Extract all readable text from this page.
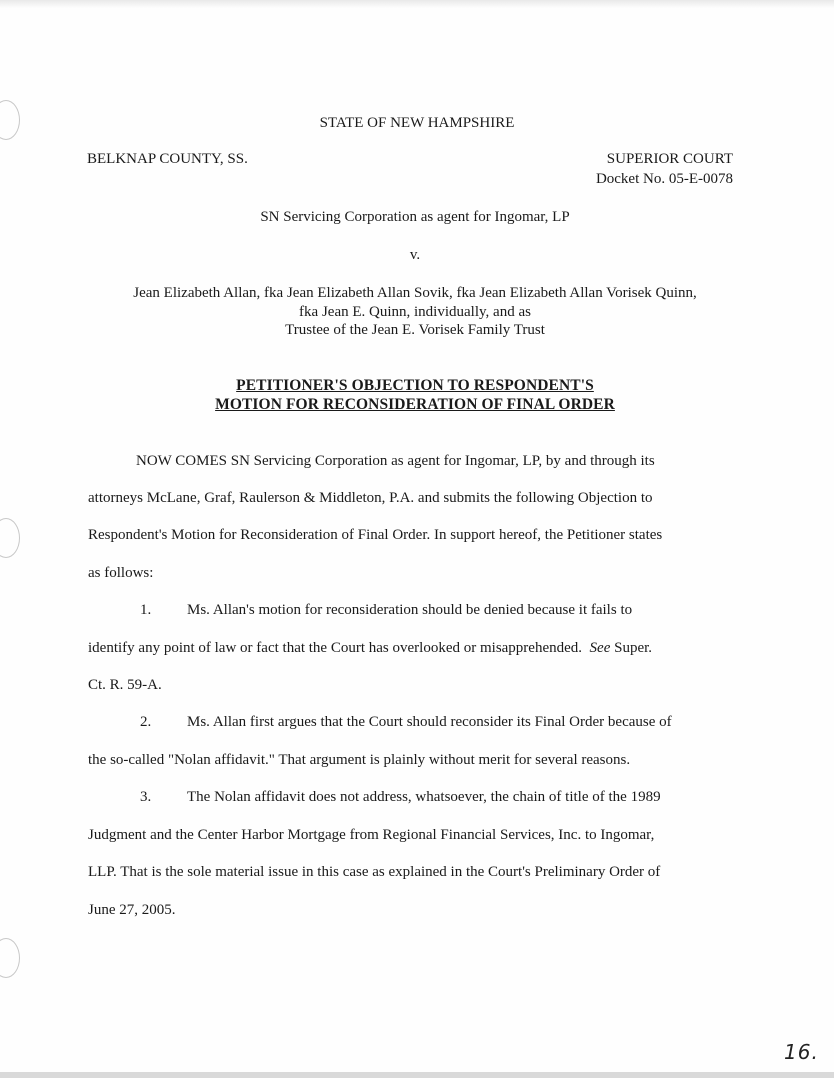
STATE OF NEW HAMPSHIRE
BELKNAP COUNTY, SS.	SUPERIOR COURT
Docket No. 05-E-0078
SN Servicing Corporation as agent for Ingomar, LP
v.
Jean Elizabeth Allan, fka Jean Elizabeth Allan Sovik, fka Jean Elizabeth Allan Vorisek Quinn,
fka Jean E. Quinn, individually, and as
Trustee of the Jean E. Vorisek Family Trust
PETITIONER'S OBJECTION TO RESPONDENT'S
MOTION FOR RECONSIDERATION OF FINAL ORDER
NOW COMES SN Servicing Corporation as agent for Ingomar, LP, by and through its
attorneys McLane, Graf, Raulerson & Middleton, P.A. and submits the following Objection to
Respondent's Motion for Reconsideration of Final Order. In support hereof, the Petitioner states
as follows:
1. Ms. Allan's motion for reconsideration should be denied because it fails to
identify any point of law or fact that the Court has overlooked or misapprehended.  See Super.
Ct. R. 59-A.
2. Ms. Allan first argues that the Court should reconsider its Final Order because of
the so-called "Nolan affidavit." That argument is plainly without merit for several reasons.
3. The Nolan affidavit does not address, whatsoever, the chain of title of the 1989
Judgment and the Center Harbor Mortgage from Regional Financial Services, Inc. to Ingomar,
LLP. That is the sole material issue in this case as explained in the Court's Preliminary Order of
June 27, 2005.
16.
